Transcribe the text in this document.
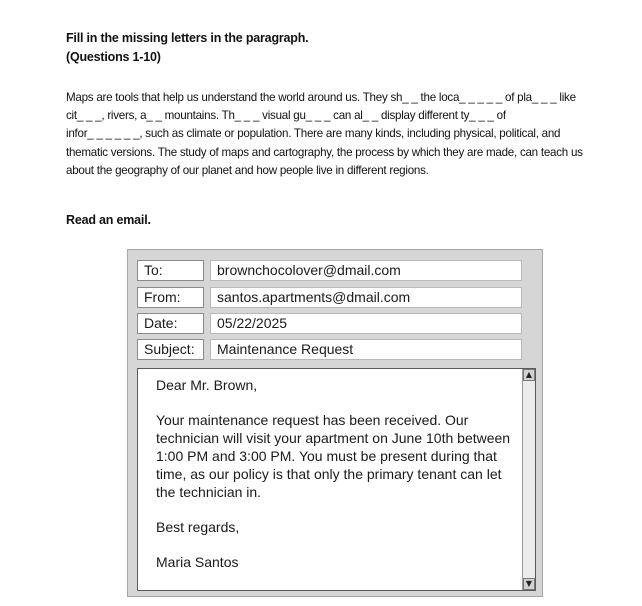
Fill in the missing letters in the paragraph.

(Questions 1-10)

Maps are tools that help us understand the world around us. They sh_ _ the loca_ _ _ _ _ of pla_ _ _ like
cit_ _ _, rivers, a_ _ mountains. Th_ _ _ visual gu_ _ _ can al_ _ display different ty_ _ _ of
infor_ _ _ _ _ _, such as climate or population. There are many kinds, including physical, political, and
thematic versions. The study of maps and cartography, the process by which they are made, can teach us
about the geography of our planet and how people live in different regions.

Read an email.

To:	brownchocolover@dmail.com
From:	santos.apartments@dmail.com
Date:	05/22/2025
Subject:	Maintenance Request

Dear Mr. Brown,

Your maintenance request has been received. Our technician will visit your apartment on June 10th between 1:00 PM and 3:00 PM. You must be present during that time, as our policy is that only the primary tenant can let the technician in.

Best regards,

Maria Santos

▲
▼
